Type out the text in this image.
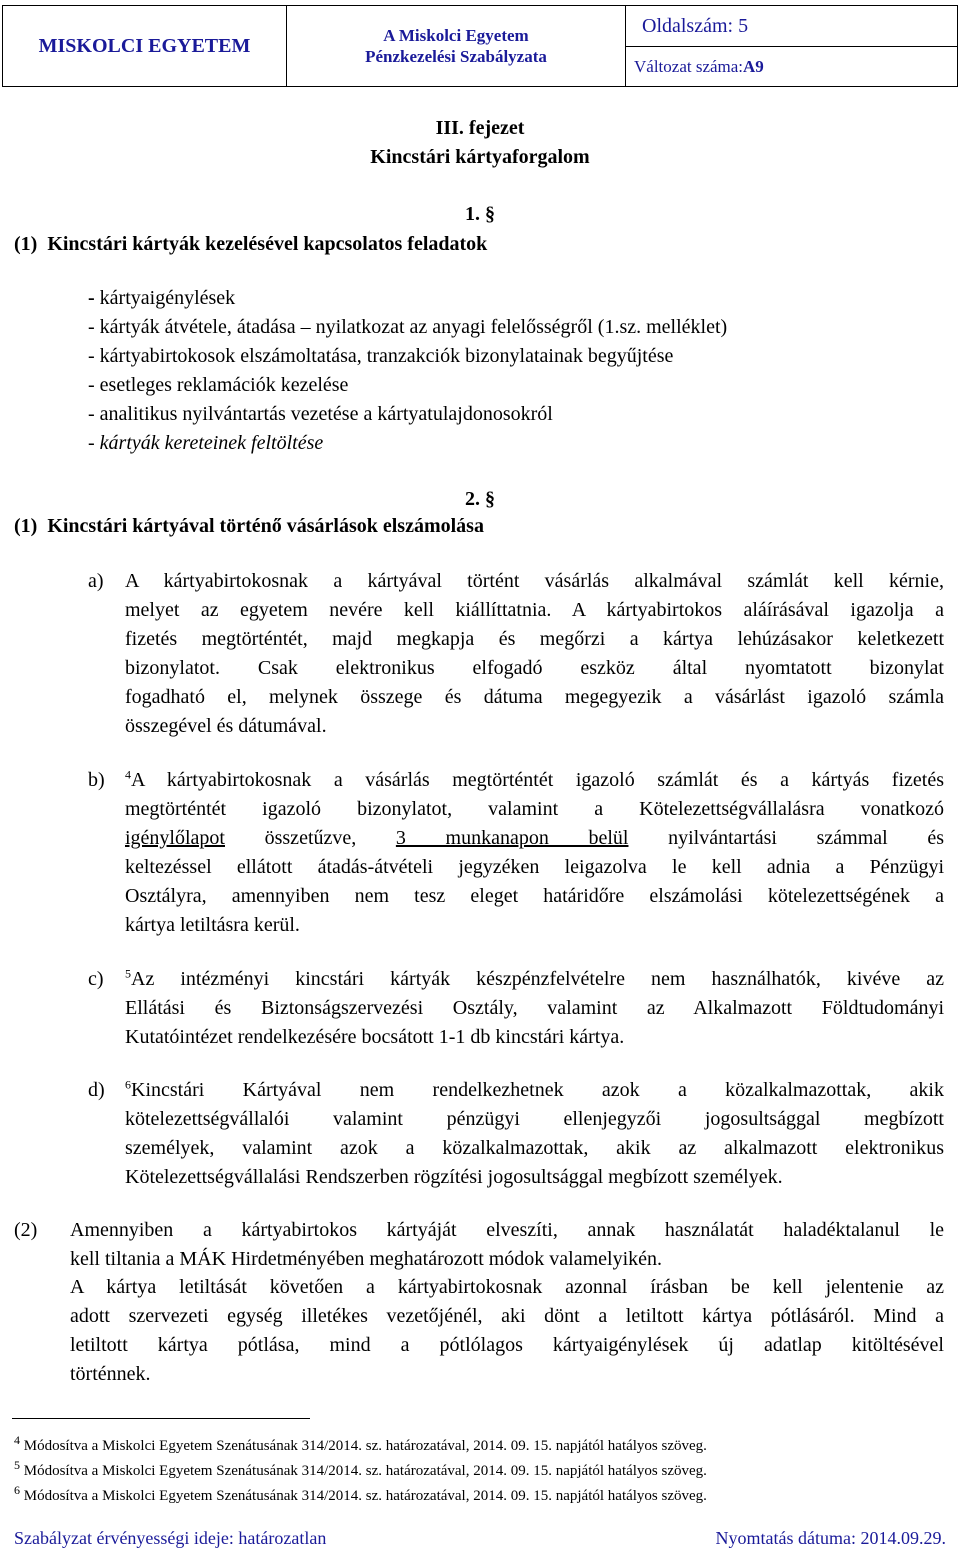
MISKOLCI EGYETEM	A Miskolci Egyetem
Pénzkezelési Szabályzata
Oldalszám: 5
Változat száma: A9
III. fejezet
Kincstári kártyaforgalom
1. §
(1)  Kincstári kártyák kezelésével kapcsolatos feladatok
- kártyaigénylések
- kártyák átvétele, átadása – nyilatkozat az anyagi felelősségről (1.sz. melléklet)
- kártyabirtokosok elszámoltatása, tranzakciók bizonylatainak begyűjtése
- esetleges reklamációk kezelése
- analitikus nyilvántartás vezetése a kártyatulajdonosokról
- kártyák kereteinek feltöltése
2. §
(1)  Kincstári kártyával történő vásárlások elszámolása
a) A kártyabirtokosnak a kártyával történt vásárlás alkalmával számlát kell kérnie,
melyet az egyetem nevére kell kiállíttatnia. A kártyabirtokos aláírásával igazolja a
fizetés megtörténtét, majd megkapja és megőrzi a kártya lehúzásakor keletkezett
bizonylatot. Csak elektronikus elfogadó eszköz által nyomtatott bizonylat
fogadható el, melynek összege és dátuma megegyezik a vásárlást igazoló számla
összegével és dátumával.
b) $^4$A kártyabirtokosnak a vásárlás megtörténtét igazoló számlát és a kártyás fizetés
megtörténtét igazoló bizonylatot, valamint a Kötelezettségvállalásra vonatkozó
igénylőlapot összetűzve, 3 munkanapon belül nyilvántartási számmal és
keltezéssel ellátott átadás-átvételi jegyzéken leigazolva le kell adnia a Pénzügyi
Osztályra, amennyiben nem tesz eleget határidőre elszámolási kötelezettségének a
kártya letiltásra kerül.
c) $^5$Az intézményi kincstári kártyák készpénzfelvételre nem használhatók, kivéve az
Ellátási és Biztonságszervezési Osztály, valamint az Alkalmazott Földtudományi
Kutatóintézet rendelkezésére bocsátott 1-1 db kincstári kártya.
d) $^6$Kincstári Kártyával nem rendelkezhetnek azok a közalkalmazottak, akik
kötelezettségvállalói valamint pénzügyi ellenjegyzői jogosultsággal megbízott
személyek, valamint azok a közalkalmazottak, akik az alkalmazott elektronikus
Kötelezettségvállalási Rendszerben rögzítési jogosultsággal megbízott személyek.
(2) Amennyiben a kártyabirtokos kártyáját elveszíti, annak használatát haladéktalanul le
kell tiltania a MÁK Hirdetményében meghatározott módok valamelyikén.
A kártya letiltását követően a kártyabirtokosnak azonnal írásban be kell jelentenie az
adott szervezeti egység illetékes vezetőjénél, aki dönt a letiltott kártya pótlásáról. Mind a
letiltott kártya pótlása, mind a pótlólagos kártyaigénylések új adatlap kitöltésével
történnek.
$^4$ Módosítva a Miskolci Egyetem Szenátusának 314/2014. sz. határozatával, 2014. 09. 15. napjától hatályos szöveg.
$^5$ Módosítva a Miskolci Egyetem Szenátusának 314/2014. sz. határozatával, 2014. 09. 15. napjától hatályos szöveg.
$^6$ Módosítva a Miskolci Egyetem Szenátusának 314/2014. sz. határozatával, 2014. 09. 15. napjától hatályos szöveg.
Szabályzat érvényességi ideje: határozatlan	Nyomtatás dátuma: 2014.09.29.
